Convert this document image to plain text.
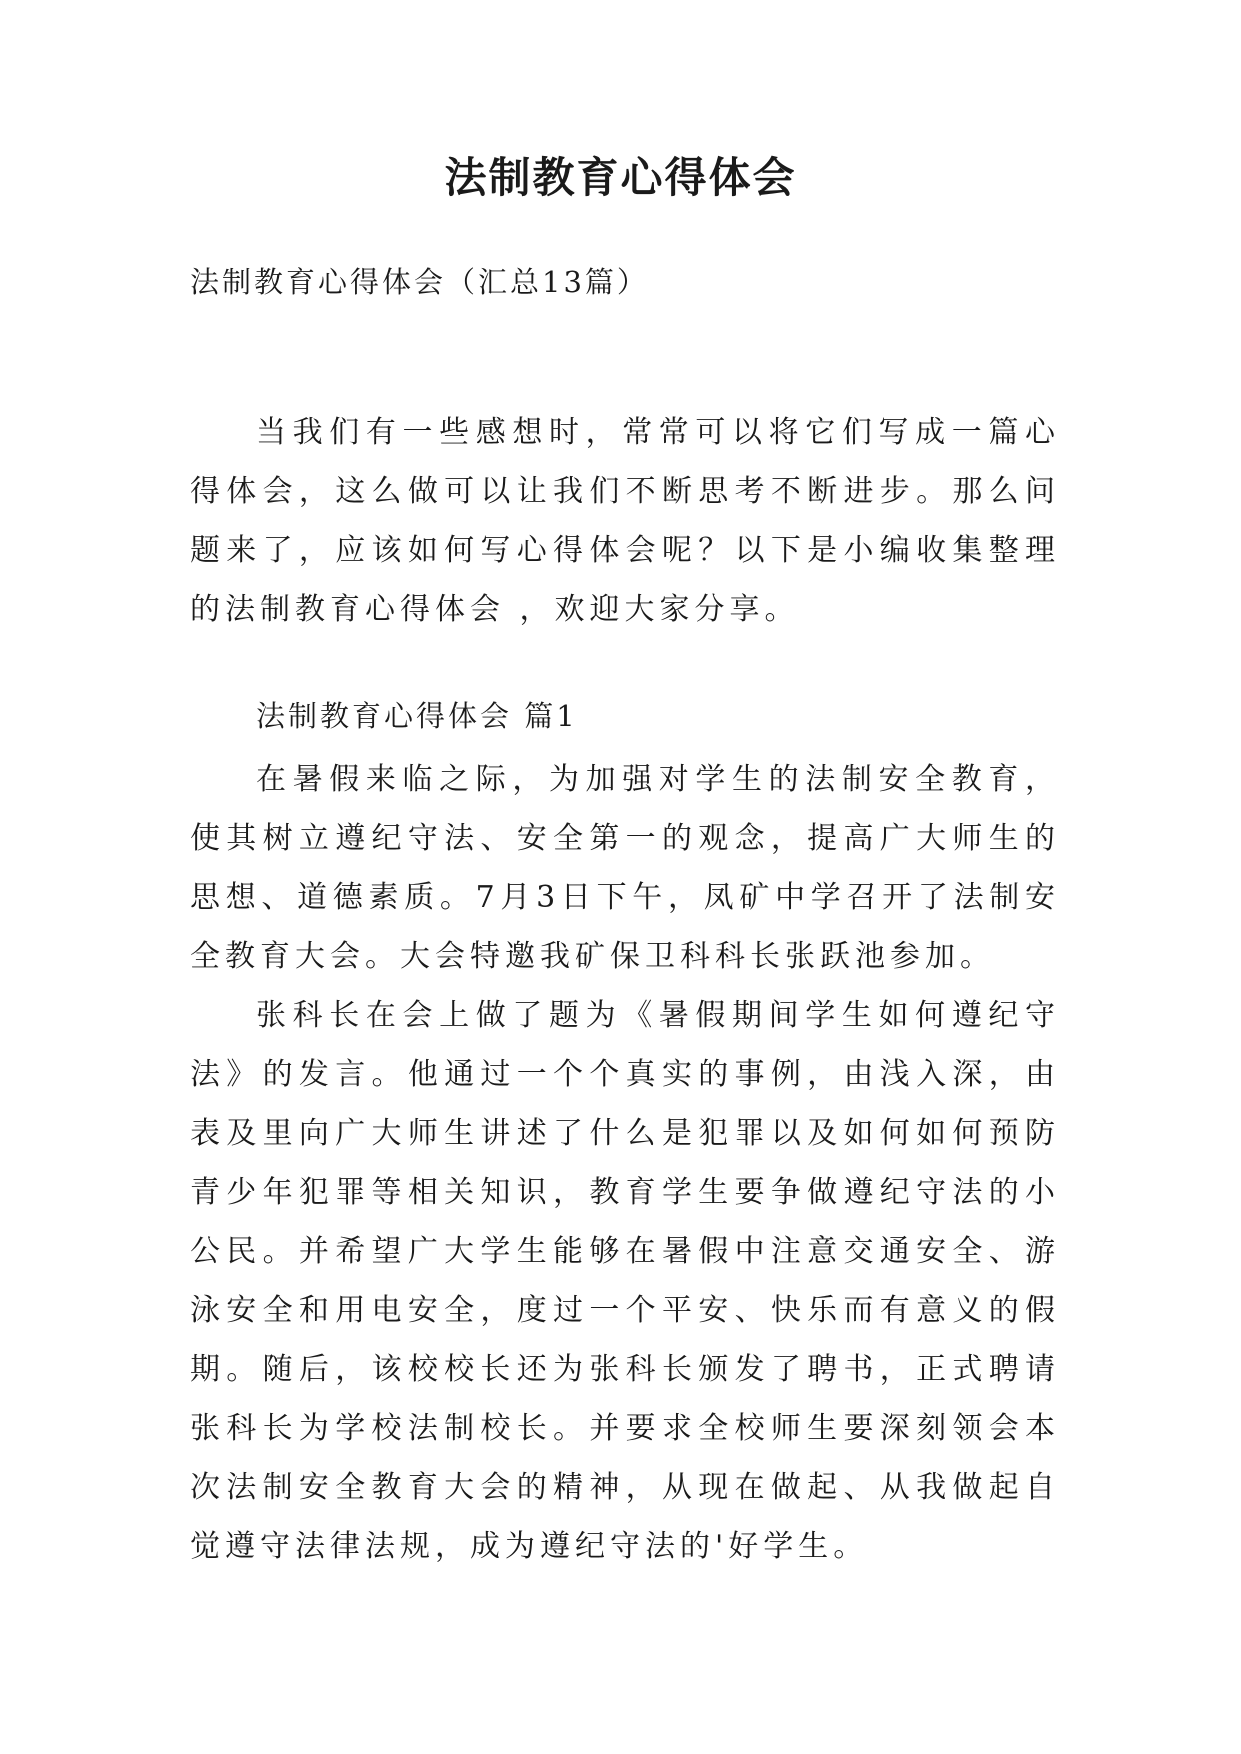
法制教育心得体会

法制教育心得体会（汇总13篇）

当我们有一些感想时，常常可以将它们写成一篇心得体会，这么做可以让我们不断思考不断进步。那么问题来了，应该如何写心得体会呢？以下是小编收集整理的法制教育心得体会 ，欢迎大家分享。

法制教育心得体会 篇1

在暑假来临之际，为加强对学生的法制安全教育，使其树立遵纪守法、安全第一的观念，提高广大师生的思想、道德素质。7月3日下午，凤矿中学召开了法制安全教育大会。大会特邀我矿保卫科科长张跃池参加。

张科长在会上做了题为《暑假期间学生如何遵纪守法》的发言。他通过一个个真实的事例，由浅入深，由表及里向广大师生讲述了什么是犯罪以及如何如何预防青少年犯罪等相关知识，教育学生要争做遵纪守法的小公民。并希望广大学生能够在暑假中注意交通安全、游泳安全和用电安全，度过一个平安、快乐而有意义的假期。随后，该校校长还为张科长颁发了聘书，正式聘请张科长为学校法制校长。并要求全校师生要深刻领会本次法制安全教育大会的精神，从现在做起、从我做起自觉遵守法律法规，成为遵纪守法的'好学生。
